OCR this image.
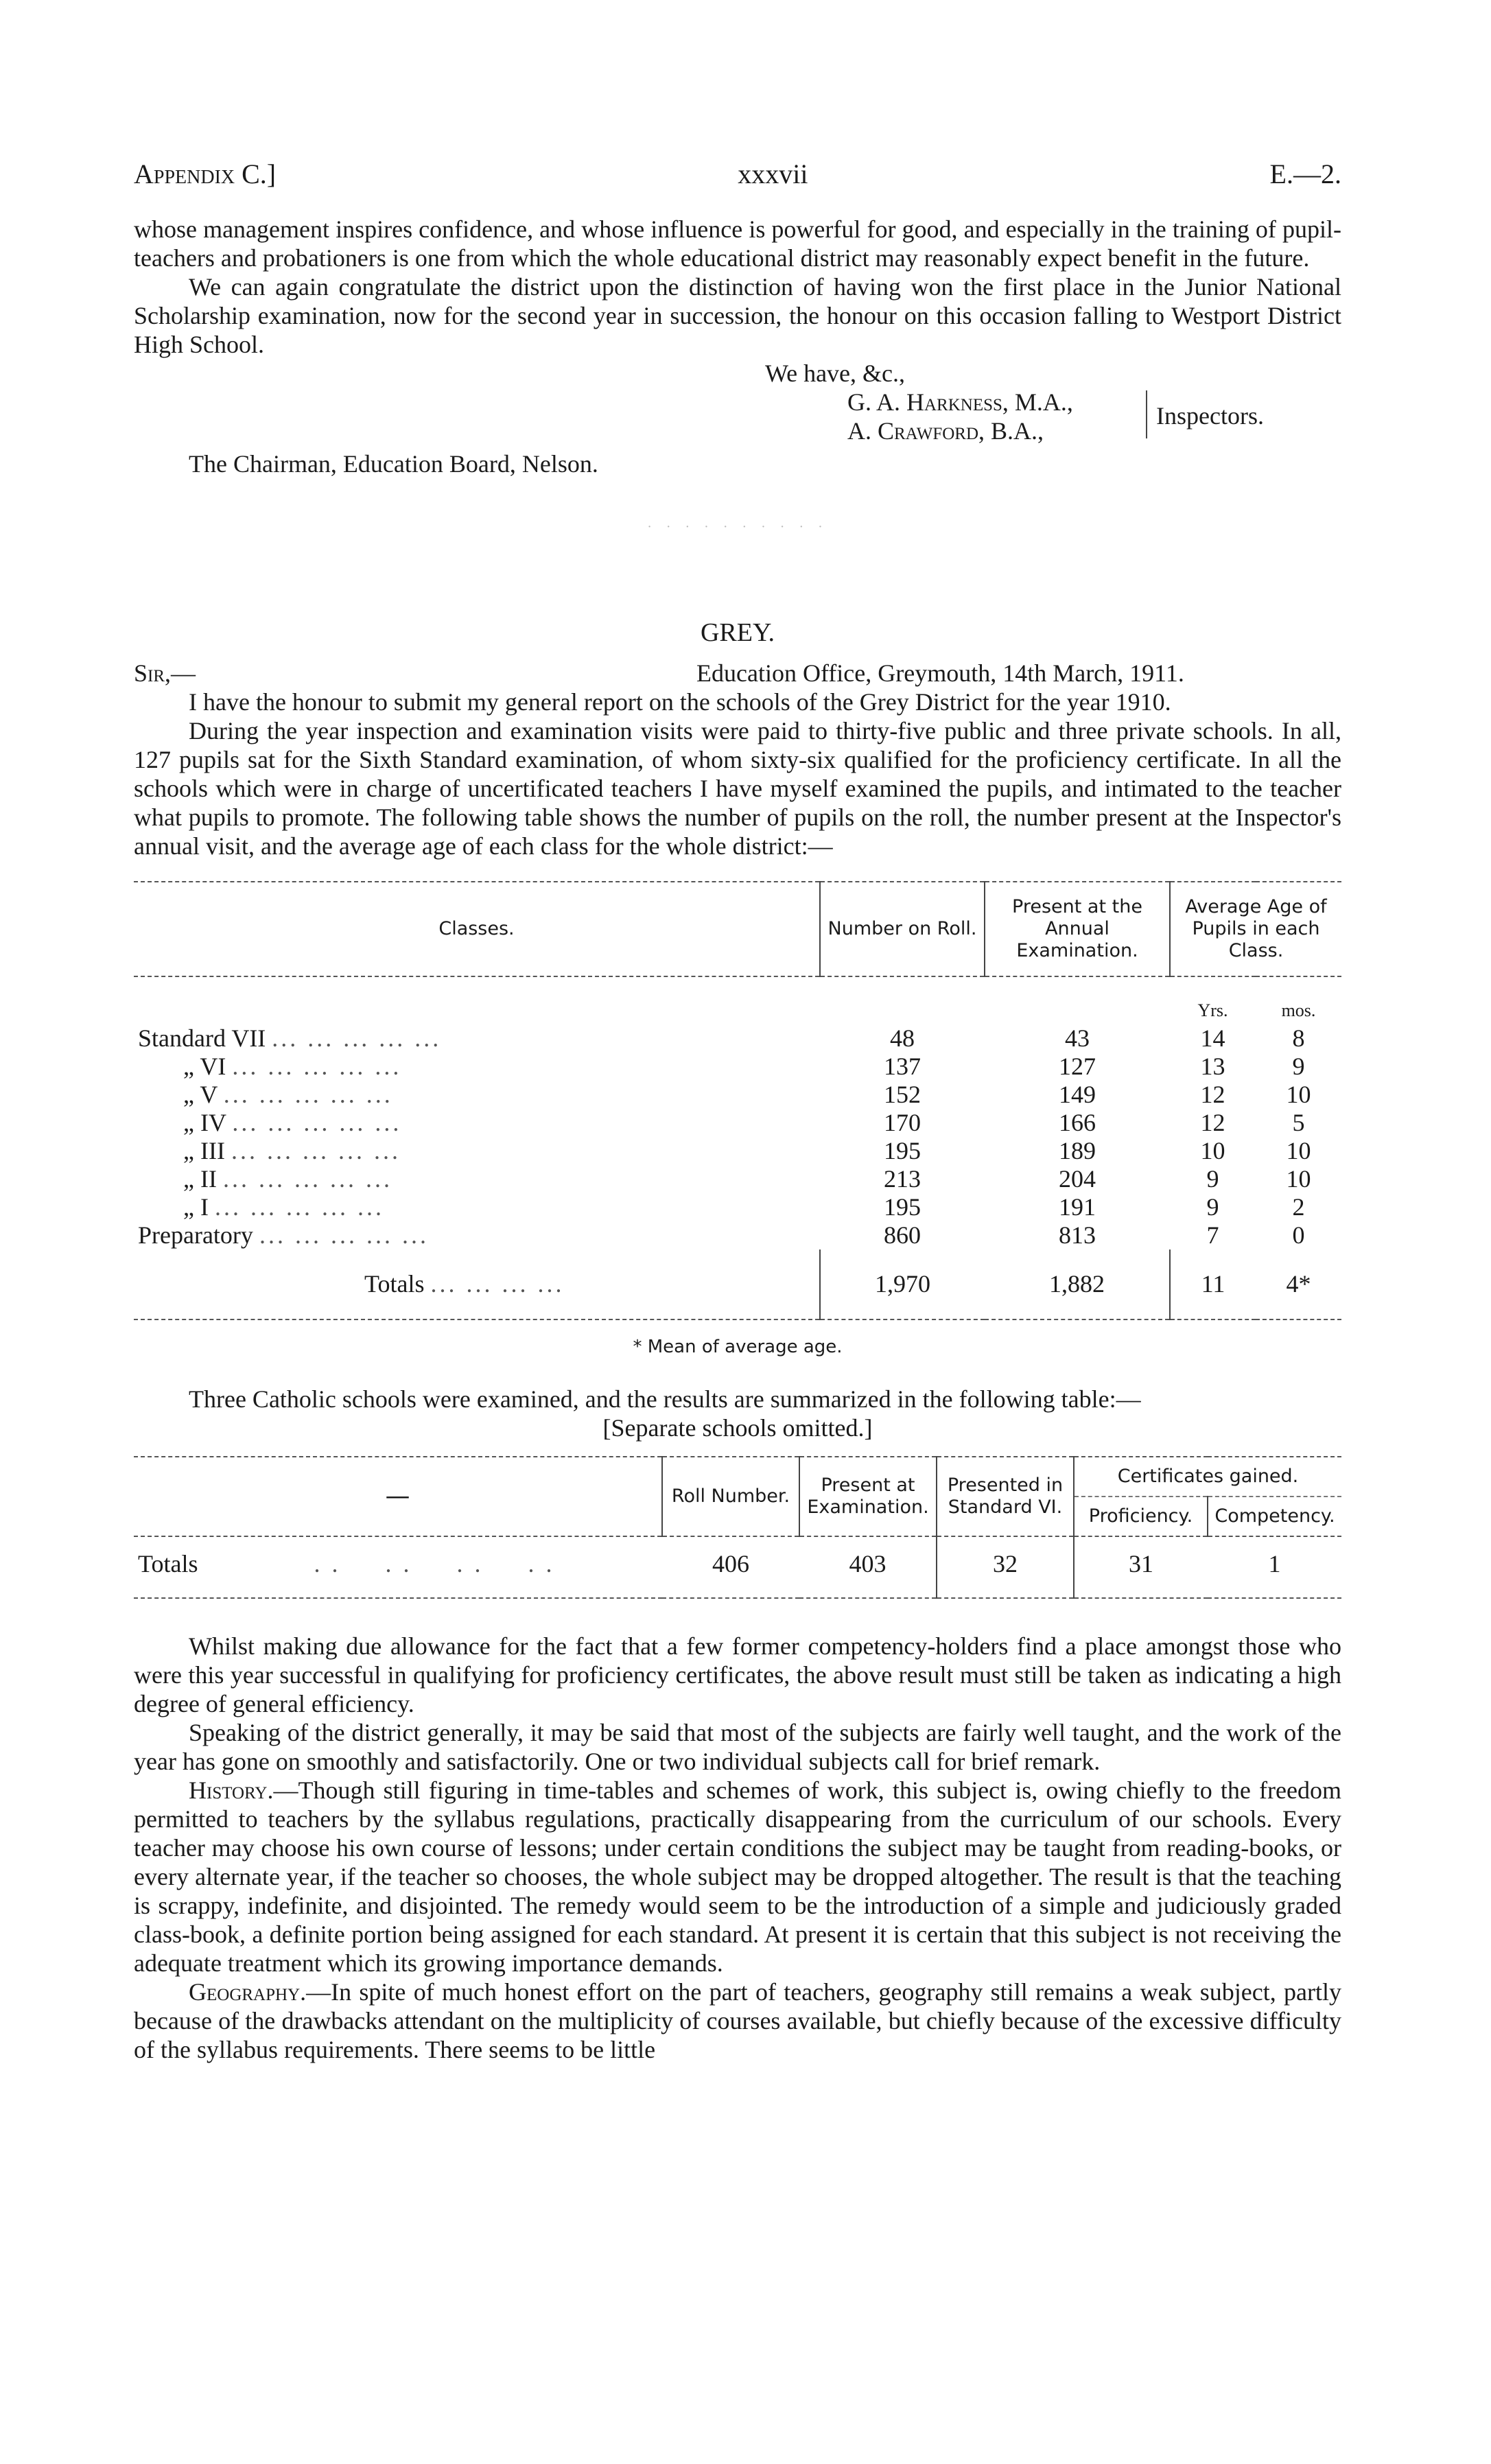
Appendix C.]	xxxvii	E.—2.

whose management inspires confidence, and whose influence is powerful for good, and especially in the training of pupil-teachers and probationers is one from which the whole educational district may reasonably expect benefit in the future.

We can again congratulate the district upon the distinction of having won the first place in the Junior National Scholarship examination, now for the second year in succession, the honour on this occasion falling to Westport District High School.

We have, &c.,
G. A. Harkness, M.A.,
A. Crawford, B.A.,
Inspectors.

The Chairman, Education Board, Nelson.

· · · · · · · · · ·
GREY.
Sir,—	Education Office, Greymouth, 14th March, 1911.

I have the honour to submit my general report on the schools of the Grey District for the year 1910.

During the year inspection and examination visits were paid to thirty-five public and three private schools. In all, 127 pupils sat for the Sixth Standard examination, of whom sixty-six qualified for the proficiency certificate. In all the schools which were in charge of uncertificated teachers I have myself examined the pupils, and intimated to the teacher what pupils to promote. The following table shows the number of pupils on the roll, the number present at the Inspector's annual visit, and the average age of each class for the whole district:—

Classes.	Number on Roll.	Present at the Annual Examination.	Average Age of Pupils in each Class.	
			Yrs.	mos.
Standard VII ... ... ... ... ...	48	43	14	8
„ VI ... ... ... ... ...	137	127	13	9
„ V ... ... ... ... ...	152	149	12	10
„ IV ... ... ... ... ...	170	166	12	5
„ III ... ... ... ... ...	195	189	10	10
„ II ... ... ... ... ...	213	204	9	10
„ I ... ... ... ... ...	195	191	9	2
Preparatory ... ... ... ... ...	860	813	7	0
Totals ... ... ... ...	1,970	1,882	11	4*
* Mean of average age.

Three Catholic schools were examined, and the results are summarized in the following table:—

[Separate schools omitted.]
—	Roll Number.	Present at Examination.	Presented in Standard VI.	Certificates gained.	
				Proficiency.	Competency.
Totals . .     . .     . .     . .	406	403	32	31	1

Whilst making due allowance for the fact that a few former competency-holders find a place amongst those who were this year successful in qualifying for proficiency certificates, the above result must still be taken as indicating a high degree of general efficiency.

Speaking of the district generally, it may be said that most of the subjects are fairly well taught, and the work of the year has gone on smoothly and satisfactorily. One or two individual subjects call for brief remark.

History.—Though still figuring in time-tables and schemes of work, this subject is, owing chiefly to the freedom permitted to teachers by the syllabus regulations, practically disappearing from the curriculum of our schools. Every teacher may choose his own course of lessons; under certain conditions the subject may be taught from reading-books, or every alternate year, if the teacher so chooses, the whole subject may be dropped altogether. The result is that the teaching is scrappy, indefinite, and disjointed. The remedy would seem to be the introduction of a simple and judiciously graded class-book, a definite portion being assigned for each standard. At present it is certain that this subject is not receiving the adequate treatment which its growing importance demands.

Geography.—In spite of much honest effort on the part of teachers, geography still remains a weak subject, partly because of the drawbacks attendant on the multiplicity of courses available, but chiefly because of the excessive difficulty of the syllabus requirements. There seems to be little
